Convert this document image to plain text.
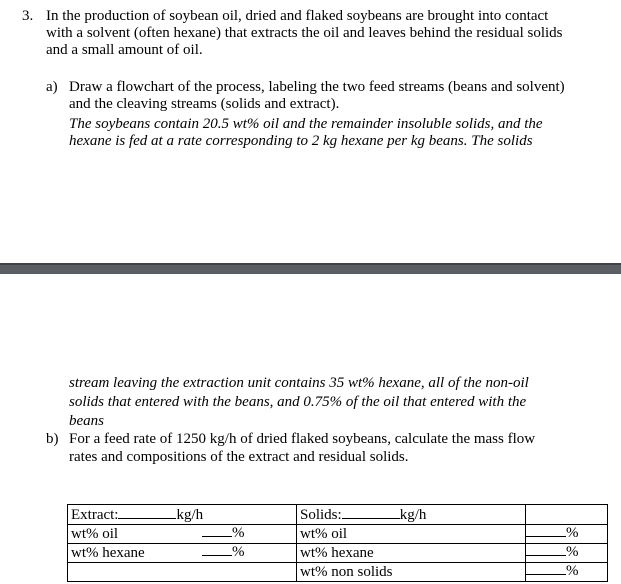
3. In the production of soybean oil, dried and flaked soybeans are brought into contact
with a solvent (often hexane) that extracts the oil and leaves behind the residual solids
and a small amount of oil.
a) Draw a flowchart of the process, labeling the two feed streams (beans and solvent)
and the cleaving streams (solids and extract).
The soybeans contain 20.5 wt% oil and the remainder insoluble solids, and the
hexane is fed at a rate corresponding to 2 kg hexane per kg beans. The solids
stream leaving the extraction unit contains 35 wt% hexane, all of the non-oil
solids that entered with the beans, and 0.75% of the oil that entered with the
beans
b) For a feed rate of 1250 kg/h of dried flaked soybeans, calculate the mass flow
rates and compositions of the extract and residual solids.
Extract: kg/h	Solids: kg/h	
wt% oil %	wt% oil	%

wt% hexane %	wt% hexane	%

	wt% non solids	%
